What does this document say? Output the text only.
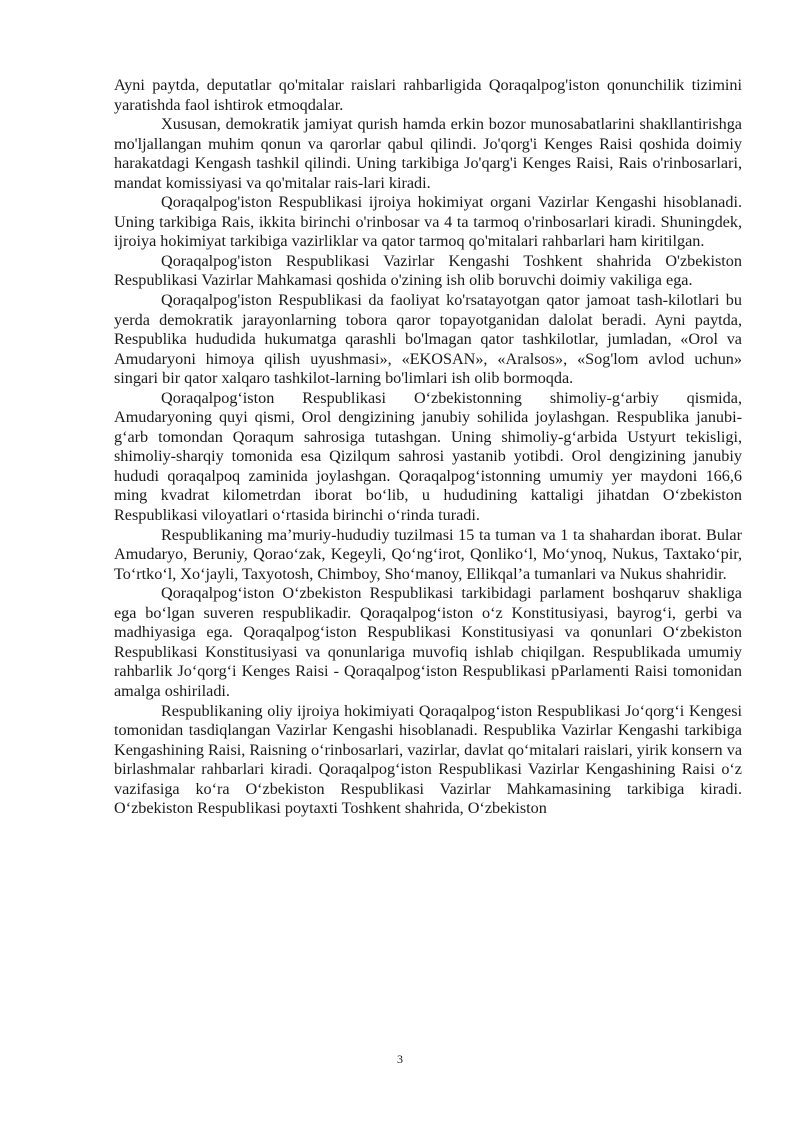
Ayni paytda, deputatlar qo'mitalar raislari rahbarligida Qoraqalpog'iston qonunchilik tizimini yaratishda faol ishtirok etmoqdalar.

Xususan, demokratik jamiyat qurish hamda erkin bozor munosabatlarini shakllantirishga mo'ljallangan muhim qonun va qarorlar qabul qilindi. Jo'qorg'i Kenges Raisi qoshida doimiy harakatdagi Kengash tashkil qilindi. Uning tarkibiga Jo'qarg'i Kenges Raisi, Rais o'rinbosarlari, mandat komissiyasi va qo'mitalar rais-lari kiradi.

Qoraqalpog'iston Respublikasi ijroiya hokimiyat organi Vazirlar Kengashi hisoblanadi. Uning tarkibiga Rais, ikkita birinchi o'rinbosar va 4 ta tarmoq o'rinbosarlari kiradi. Shuningdek, ijroiya hokimiyat tarkibiga vazirliklar va qator tarmoq qo'mitalari rahbarlari ham kiritilgan.

Qoraqalpog'iston Respublikasi Vazirlar Kengashi Toshkent shahrida O'zbekiston Respublikasi Vazirlar Mahkamasi qoshida o'zining ish olib boruvchi doimiy vakiliga ega.

Qoraqalpog'iston Respublikasi da faoliyat ko'rsatayotgan qator jamoat tash-kilotlari bu yerda demokratik jarayonlarning tobora qaror topayotganidan dalolat beradi. Ayni paytda, Respublika hududida hukumatga qarashli bo'lmagan qator tashkilotlar, jumladan, «Orol va Amudaryoni himoya qilish uyushmasi», «EKOSAN», «Aralsos», «Sog'lom avlod uchun» singari bir qator xalqaro tashkilot-larning bo'limlari ish olib bormoqda.

Qoraqalpog‘iston Respublikasi O‘zbekistonning shimoliy-g‘arbiy qismida, Amudaryoning quyi qismi, Orol dengizining janubiy sohilida joylashgan. Respublika janubi-g‘arb tomondan Qoraqum sahrosiga tutashgan. Uning shimoliy-g‘arbida Ustyurt tekisligi, shimoliy-sharqiy tomonida esa Qizilqum sahrosi yastanib yotibdi. Orol dengizining janubiy hududi qoraqalpoq zaminida joylashgan. Qoraqalpog‘istonning umumiy yer maydoni 166,6 ming kvadrat kilometrdan iborat bo‘lib, u hududining kattaligi jihatdan O‘zbekiston Respublikasi viloyatlari o‘rtasida birinchi o‘rinda turadi.

Respublikaning ma’muriy-hududiy tuzilmasi 15 ta tuman va 1 ta shahardan iborat. Bular Amudaryo, Beruniy, Qorao‘zak, Kegeyli, Qo‘ng‘irot, Qonliko‘l, Mo‘ynoq, Nukus, Taxtako‘pir, To‘rtko‘l, Xo‘jayli, Taxyotosh, Chimboy, Sho‘manoy, Ellikqal’a tumanlari va Nukus shahridir.

Qoraqalpog‘iston O‘zbekiston Respublikasi tarkibidagi parlament boshqaruv shakliga ega bo‘lgan suveren respublikadir. Qoraqalpog‘iston o‘z Konstitusiyasi, bayrog‘i, gerbi va madhiyasiga ega. Qoraqalpog‘iston Respublikasi Konstitusiyasi va qonunlari O‘zbekiston Respublikasi Konstitusiyasi va qonunlariga muvofiq ishlab chiqilgan. Respublikada umumiy rahbarlik Jo‘qorg‘i Kenges Raisi - Qoraqalpog‘iston Respublikasi pParlamenti Raisi tomonidan amalga oshiriladi.

Respublikaning oliy ijroiya hokimiyati Qoraqalpog‘iston Respublikasi Jo‘qorg‘i Kengesi tomonidan tasdiqlangan Vazirlar Kengashi hisoblanadi. Respublika Vazirlar Kengashi tarkibiga Kengashining Raisi, Raisning o‘rinbosarlari, vazirlar, davlat qo‘mitalari raislari, yirik konsern va birlashmalar rahbarlari kiradi. Qoraqalpog‘iston Respublikasi Vazirlar Kengashining Raisi o‘z vazifasiga ko‘ra O‘zbekiston Respublikasi Vazirlar Mahkamasining tarkibiga kiradi. O‘zbekiston Respublikasi poytaxti Toshkent shahrida, O‘zbekiston

3
